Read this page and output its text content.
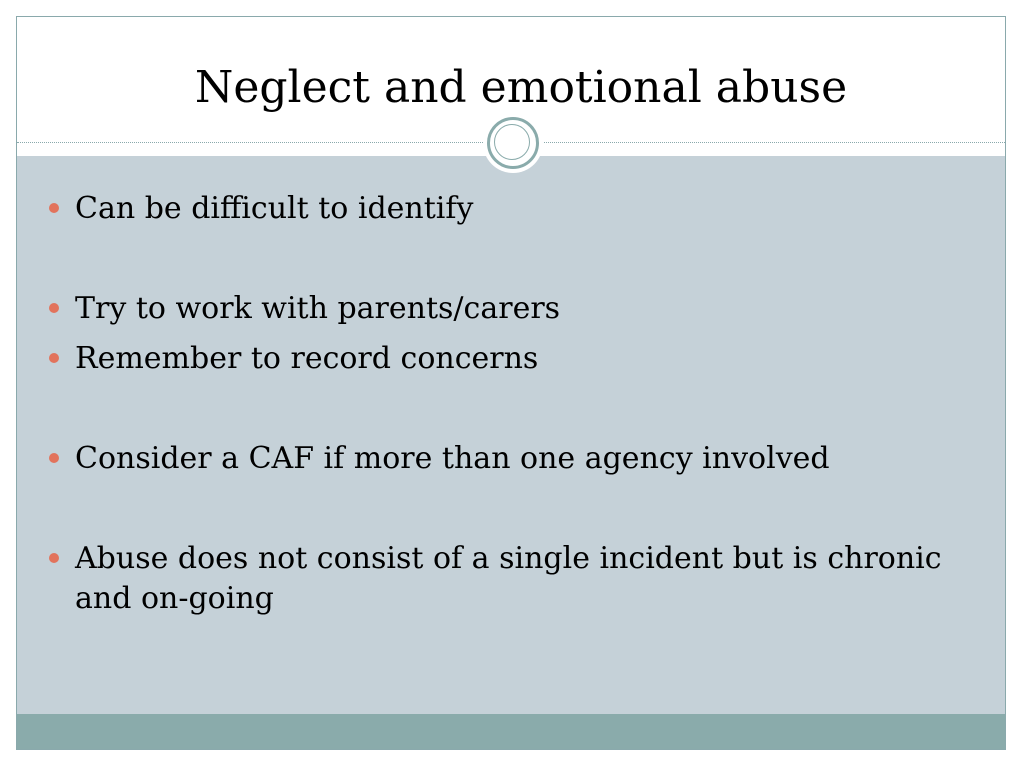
Neglect and emotional abuse
Can be difficult to identify
Try to work with parents/carers
Remember to record concerns
Consider a CAF if more than one agency involved
Abuse does not consist of a single incident but is chronic and on-going
